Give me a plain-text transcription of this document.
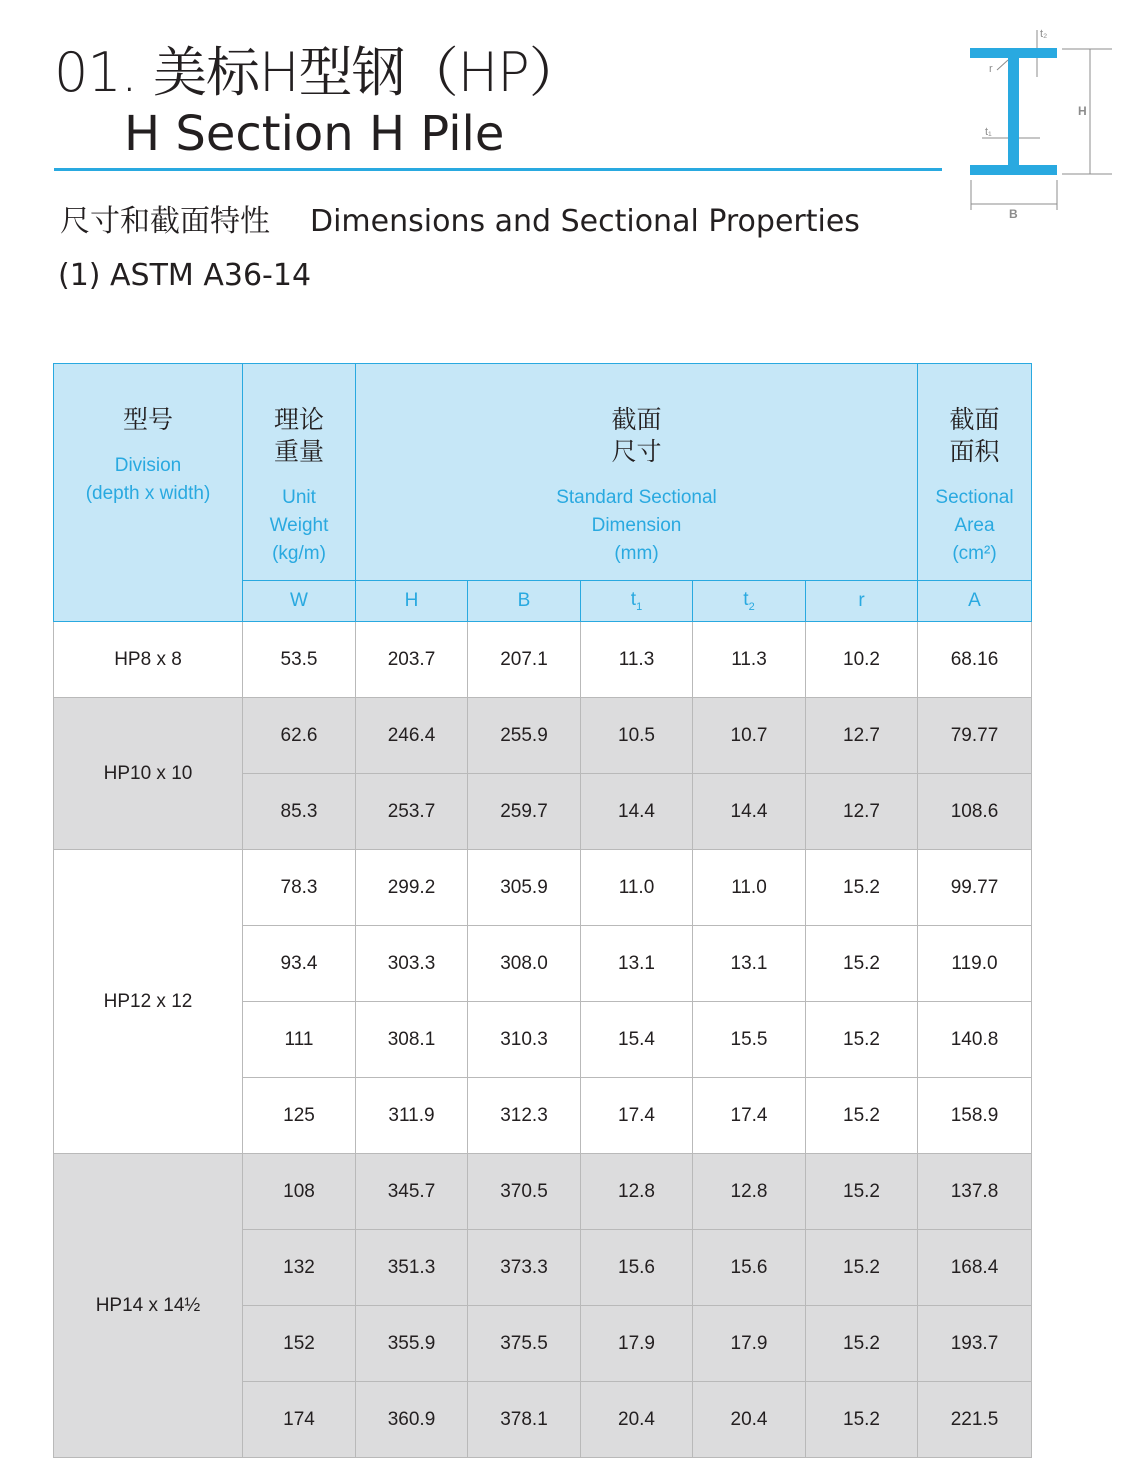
01. 美标H型钢（HP）
H Section H Pile
尺寸和截面特性 Dimensions and Sectional Properties
(1) ASTM A36-14
t₂
r
t₁
H
B
型号
Division
(depth x width)	理论
重量
Unit
Weight
(kg/m)	截面
尺寸
Standard Sectional
Dimension
(mm)					截面
面积
Sectional
Area
(cm²)

	W	H	B	$t_1$	$t_2$	r	A
HP8 x 8	53.5	203.7	207.1	11.3	11.3	10.2	68.16
HP10 x 10	62.6	246.4	255.9	10.5	10.7	12.7	79.77
	85.3	253.7	259.7	14.4	14.4	12.7	108.6
HP12 x 12	78.3	299.2	305.9	11.0	11.0	15.2	99.77
	93.4	303.3	308.0	13.1	13.1	15.2	119.0
	111	308.1	310.3	15.4	15.5	15.2	140.8
	125	311.9	312.3	17.4	17.4	15.2	158.9
HP14 x 14½	108	345.7	370.5	12.8	12.8	15.2	137.8
	132	351.3	373.3	15.6	15.6	15.2	168.4
	152	355.9	375.5	17.9	17.9	15.2	193.7
	174	360.9	378.1	20.4	20.4	15.2	221.5
